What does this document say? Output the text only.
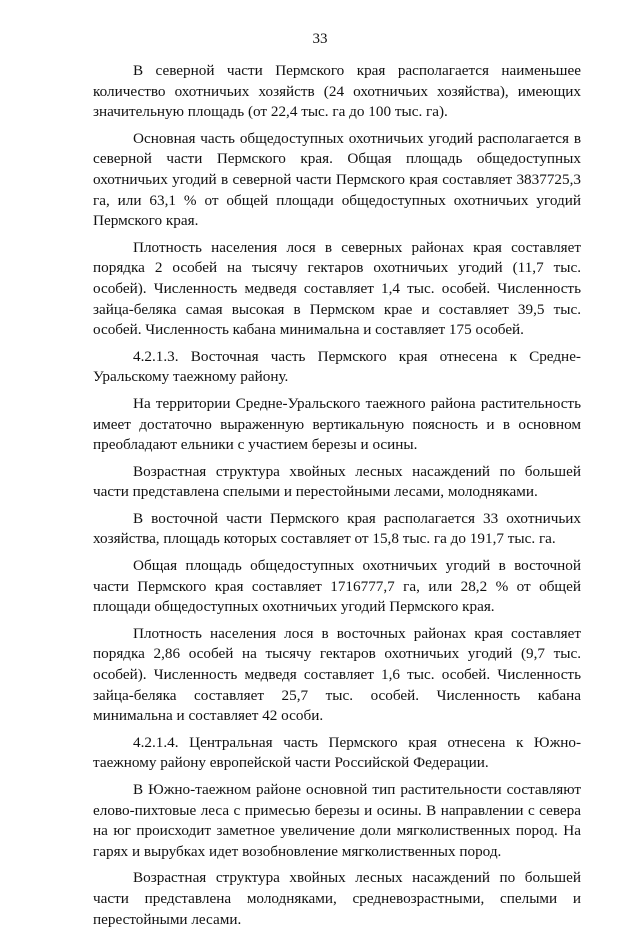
33

В северной части Пермского края располагается наименьшее количество охотничьих хозяйств (24 охотничьих хозяйства), имеющих значительную площадь (от 22,4 тыс. га до 100 тыс. га).

Основная часть общедоступных охотничьих угодий располагается в северной части Пермского края. Общая площадь общедоступных охотничьих угодий в северной части Пермского края составляет 3837725,3 га, или 63,1 % от общей площади общедоступных охотничьих угодий Пермского края.

Плотность населения лося в северных районах края составляет порядка 2 особей на тысячу гектаров охотничьих угодий (11,7 тыс. особей). Численность медведя составляет 1,4 тыс. особей. Численность зайца-беляка самая высокая в Пермском крае и составляет 39,5 тыс. особей. Численность кабана минимальна и составляет 175 особей.

4.2.1.3. Восточная часть Пермского края отнесена к Средне-Уральскому таежному району.

На территории Средне-Уральского таежного района растительность имеет достаточно выраженную вертикальную поясность и в основном преобладают ельники с участием березы и осины.

Возрастная структура хвойных лесных насаждений по большей части представлена спелыми и перестойными лесами, молодняками.

В восточной части Пермского края располагается 33 охотничьих хозяйства, площадь которых составляет от 15,8 тыс. га до 191,7 тыс. га.

Общая площадь общедоступных охотничьих угодий в восточной части Пермского края составляет 1716777,7 га, или 28,2 % от общей площади общедоступных охотничьих угодий Пермского края.

Плотность населения лося в восточных районах края составляет порядка 2,86 особей на тысячу гектаров охотничьих угодий (9,7 тыс. особей). Численность медведя составляет 1,6 тыс. особей. Численность зайца-беляка составляет 25,7 тыс. особей. Численность кабана минимальна и составляет 42 особи.

4.2.1.4. Центральная часть Пермского края отнесена к Южно-таежному району европейской части Российской Федерации.

В Южно-таежном районе основной тип растительности составляют елово-пихтовые леса с примесью березы и осины. В направлении с севера на юг происходит заметное увеличение доли мягколиственных пород. На гарях и вырубках идет возобновление мягколиственных пород.

Возрастная структура хвойных лесных насаждений по большей части представлена молодняками, средневозрастными, спелыми и перестойными лесами.
